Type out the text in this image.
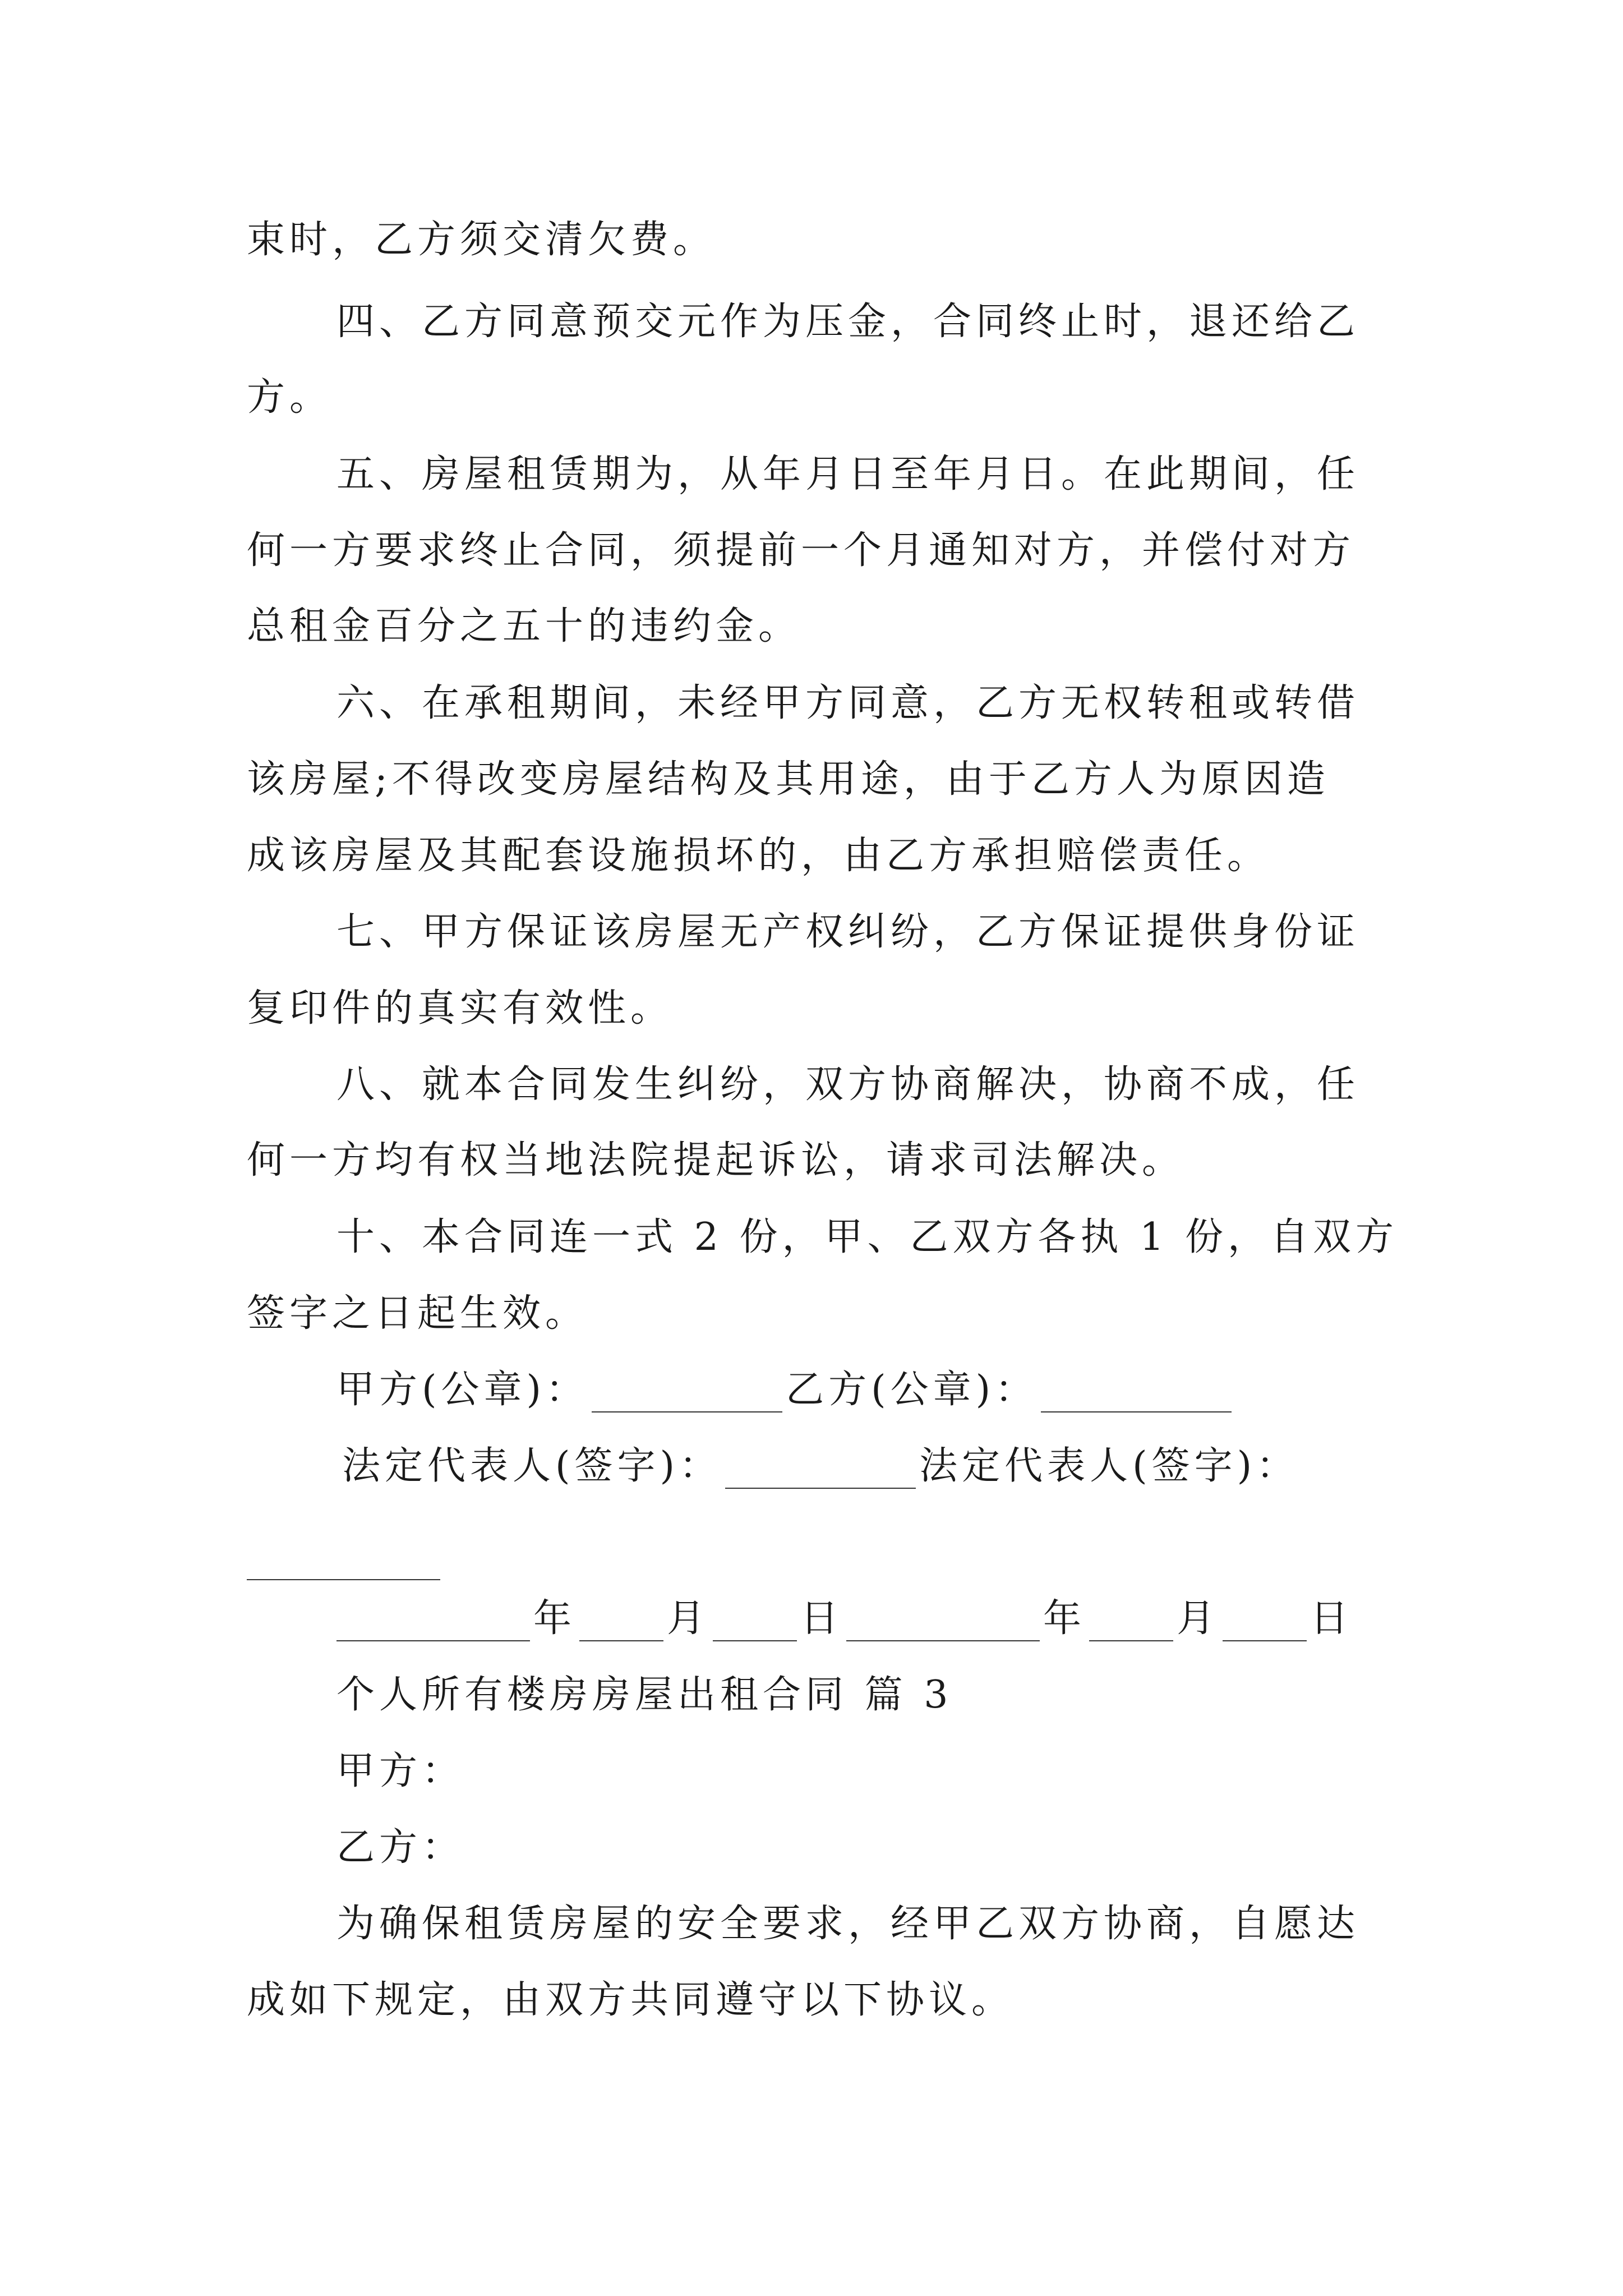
束时，乙方须交清欠费。
四、乙方同意预交元作为压金，合同终止时，退还给乙
方。
五、房屋租赁期为，从年月日至年月日。在此期间，任
何一方要求终止合同，须提前一个月通知对方，并偿付对方
总租金百分之五十的违约金。
六、在承租期间，未经甲方同意，乙方无权转租或转借
该房屋;不得改变房屋结构及其用途，由于乙方人为原因造
成该房屋及其配套设施损坏的，由乙方承担赔偿责任。
七、甲方保证该房屋无产权纠纷，乙方保证提供身份证
复印件的真实有效性。
八、就本合同发生纠纷，双方协商解决，协商不成，任
何一方均有权当地法院提起诉讼，请求司法解决。
十、本合同连一式 2 份，甲、乙双方各执 1 份，自双方
签字之日起生效。
甲方(公章)：	乙方(公章)：
法定代表人(签字)：	法定代表人(签字)：
年 月 日	年 月 日
个人所有楼房房屋出租合同 篇 3
甲方：
乙方：
为确保租赁房屋的安全要求，经甲乙双方协商，自愿达
成如下规定，由双方共同遵守以下协议。
